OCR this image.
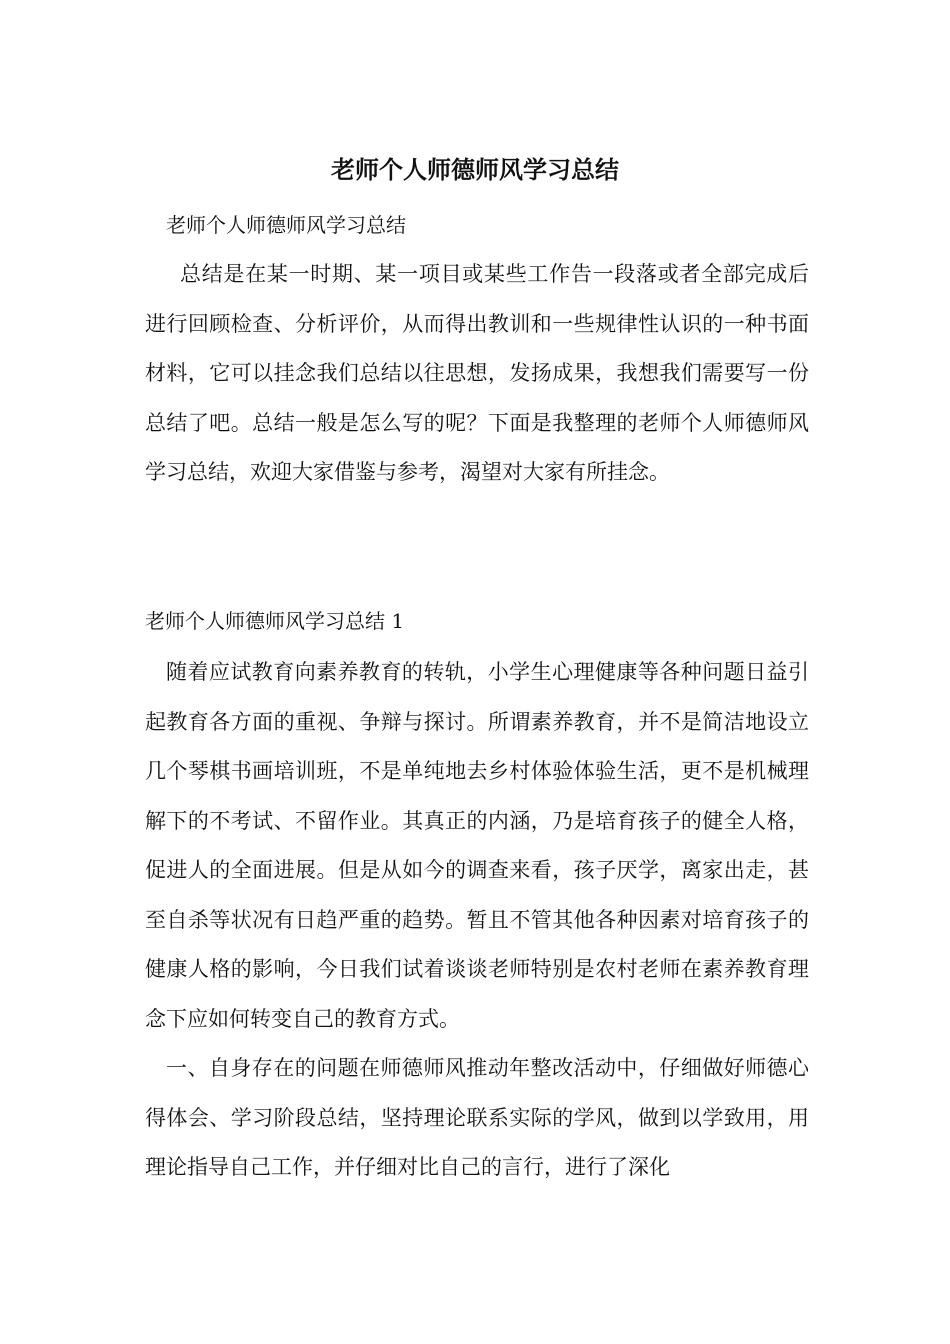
老师个人师德师风学习总结

老师个人师德师风学习总结

总结是在某一时期、某一项目或某些工作告一段落或者全部完成后进行回顾检查、分析评价，从而得出教训和一些规律性认识的一种书面材料，它可以挂念我们总结以往思想，发扬成果，我想我们需要写一份总结了吧。总结一般是怎么写的呢？下面是我整理的老师个人师德师风学习总结，欢迎大家借鉴与参考，渴望对大家有所挂念。

老师个人师德师风学习总结 1

随着应试教育向素养教育的转轨，小学生心理健康等各种问题日益引起教育各方面的重视、争辩与探讨。所谓素养教育，并不是简洁地设立几个琴棋书画培训班，不是单纯地去乡村体验体验生活，更不是机械理解下的不考试、不留作业。其真正的内涵，乃是培育孩子的健全人格，促进人的全面进展。但是从如今的调查来看，孩子厌学，离家出走，甚至自杀等状况有日趋严重的趋势。暂且不管其他各种因素对培育孩子的健康人格的影响，今日我们试着谈谈老师特别是农村老师在素养教育理念下应如何转变自己的教育方式。

一、自身存在的问题在师德师风推动年整改活动中，仔细做好师德心得体会、学习阶段总结，坚持理论联系实际的学风，做到以学致用，用理论指导自己工作，并仔细对比自己的言行，进行了深化
